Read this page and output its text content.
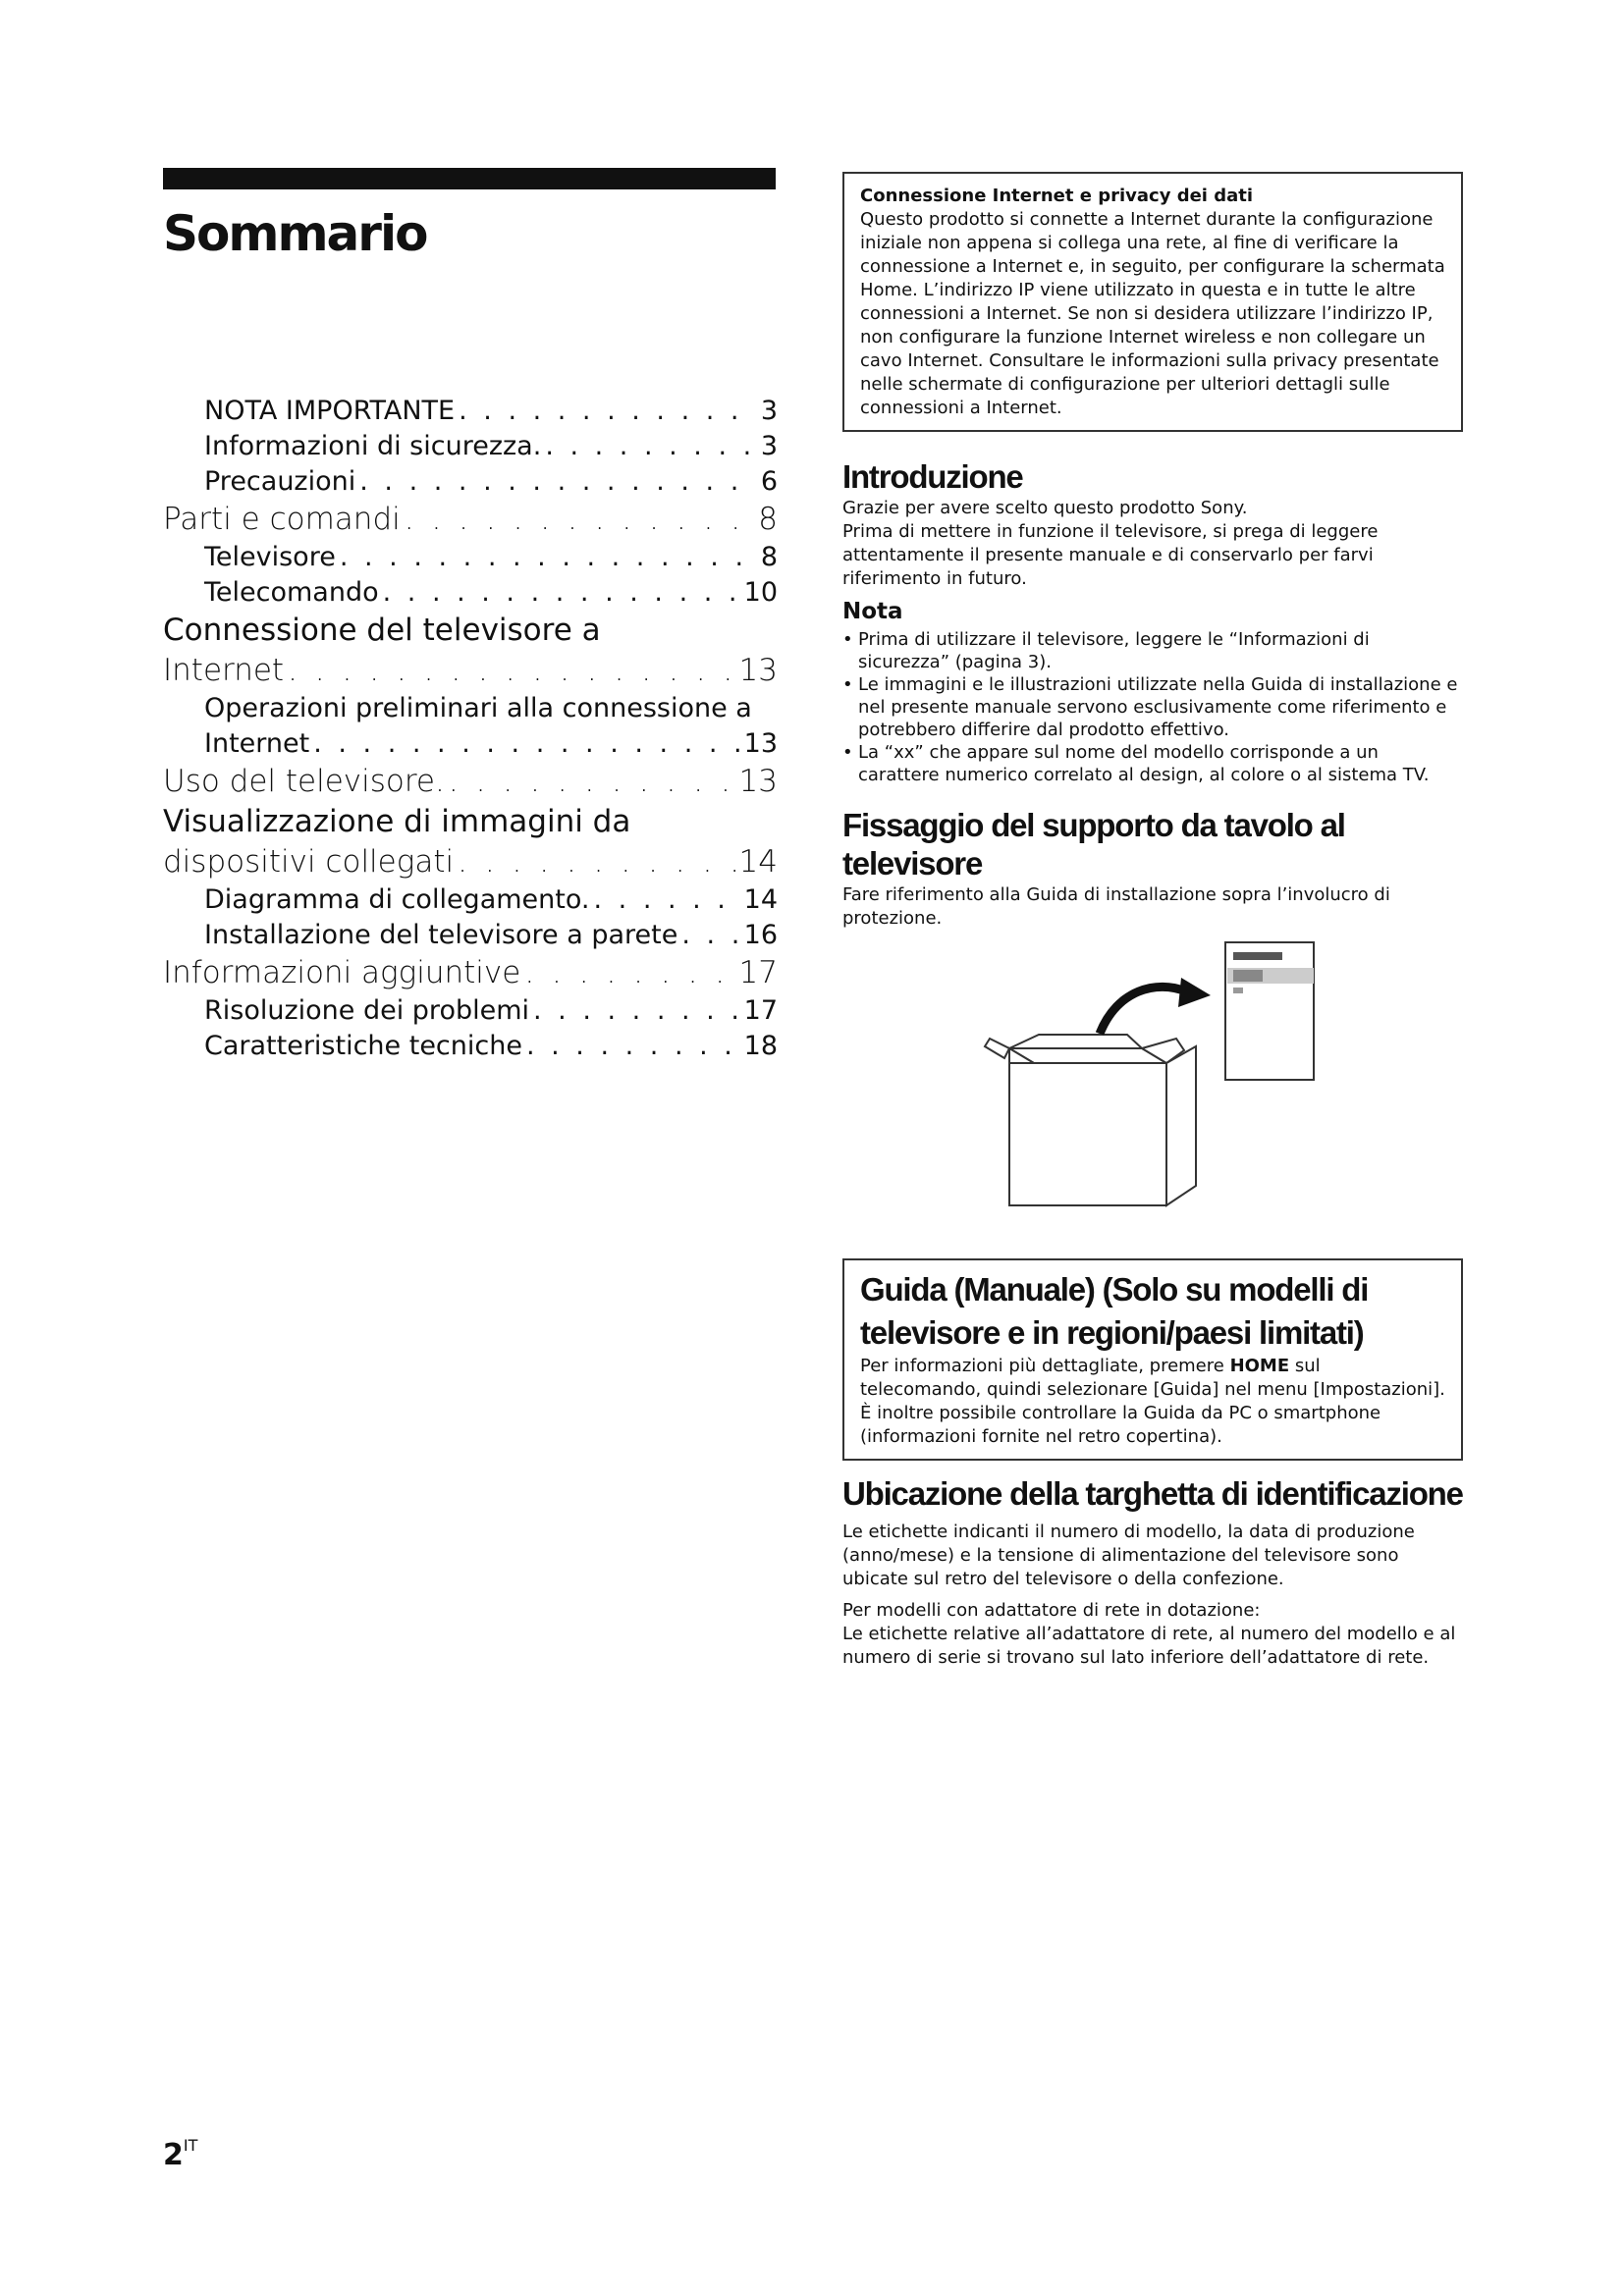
Sommario
NOTA IMPORTANTE . . .	3
Informazioni di sicurezza. . . .	3
Precauzioni . . .	6
Parti e comandi . . .	8
Televisore . . .	8
Telecomando . . .	10
Connessione del televisore a
Internet . . .	13
Operazioni preliminari alla connessione a
Internet . . .	13
Uso del televisore. . . .	13
Visualizzazione di immagini da
dispositivi collegati . . .	14
Diagramma di collegamento. . . .	14
Installazione del televisore a parete . . . 16
Informazioni aggiuntive . . .	17
Risoluzione dei problemi . . .	17
Caratteristiche tecniche . . .	18
Connessione Internet e privacy dei dati

Questo prodotto si connette a Internet durante la configurazione iniziale non appena si collega una rete, al fine di verificare la connessione a Internet e, in seguito, per configurare la schermata Home. L’indirizzo IP viene utilizzato in questa e in tutte le altre connessioni a Internet. Se non si desidera utilizzare l’indirizzo IP, non configurare la funzione Internet wireless e non collegare un cavo Internet. Consultare le informazioni sulla privacy presentate nelle schermate di configurazione per ulteriori dettagli sulle connessioni a Internet.

Introduzione

Grazie per avere scelto questo prodotto Sony.

Prima di mettere in funzione il televisore, si prega di leggere attentamente il presente manuale e di conservarlo per farvi riferimento in futuro.

Nota
• Prima di utilizzare il televisore, leggere le “Informazioni di sicurezza” (pagina 3).
• Le immagini e le illustrazioni utilizzate nella Guida di installazione e nel presente manuale servono esclusivamente come riferimento e potrebbero differire dal prodotto effettivo.
• La “xx” che appare sul nome del modello corrisponde a un carattere numerico correlato al design, al colore o al sistema TV.
Fissaggio del supporto da tavolo al televisore

Fare riferimento alla Guida di installazione sopra l’involucro di protezione.

Guida (Manuale) (Solo su modelli di televisore e in regioni/paesi limitati)

Per informazioni più dettagliate, premere HOME sul telecomando, quindi selezionare [Guida] nel menu [Impostazioni]. È inoltre possibile controllare la Guida da PC o smartphone (informazioni fornite nel retro copertina).

Ubicazione della targhetta di identificazione

Le etichette indicanti il numero di modello, la data di produzione (anno/mese) e la tensione di alimentazione del televisore sono ubicate sul retro del televisore o della confezione.

Per modelli con adattatore di rete in dotazione:

Le etichette relative all’adattatore di rete, al numero del modello e al numero di serie si trovano sul lato inferiore dell’adattatore di rete.

$2^{IT}$
